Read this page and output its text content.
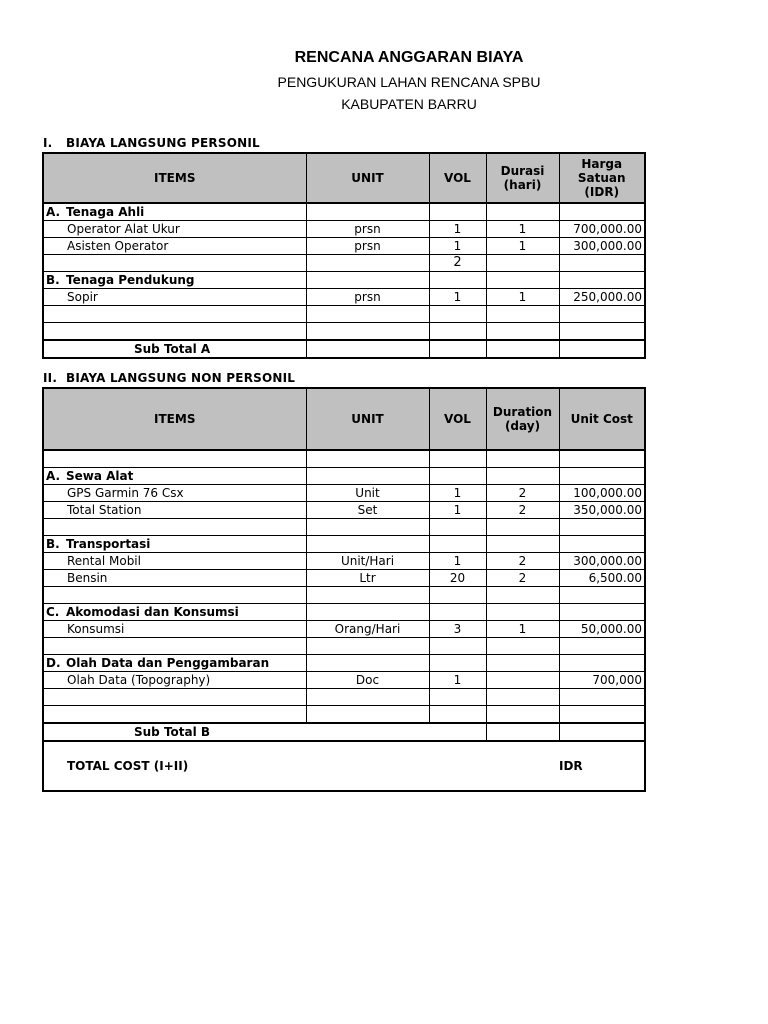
RENCANA ANGGARAN BIAYA
PENGUKURAN LAHAN RENCANA SPBU
KABUPATEN BARRU
I. BIAYA LANGSUNG PERSONIL
ITEMS	UNIT	VOL	Durasi (hari)	Harga Satuan (IDR)
A. Tenaga Ahli				
Operator Alat Ukur	prsn	1	1	700,000.00
Asisten Operator	prsn	1	1	300,000.00
		2		
B. Tenaga Pendukung				
Sopir	prsn	1	1	250,000.00

Sub Total A				
II. BIAYA LANGSUNG NON PERSONIL
ITEMS	UNIT	VOL	Duration (day)	Unit Cost

A. Sewa Alat				
GPS Garmin 76 Csx	Unit	1	2	100,000.00
Total Station	Set	1	2	350,000.00

B. Transportasi				
Rental Mobil	Unit/Hari	1	2	300,000.00
Bensin	Ltr	20	2	6,500.00

C. Akomodasi dan Konsumsi				
Konsumsi	Orang/Hari	3	1	50,000.00

D. Olah Data dan Penggambaran				
Olah Data (Topography)	Doc	1		700,000

Sub Total B				
TOTAL COST (I+II)				IDR
